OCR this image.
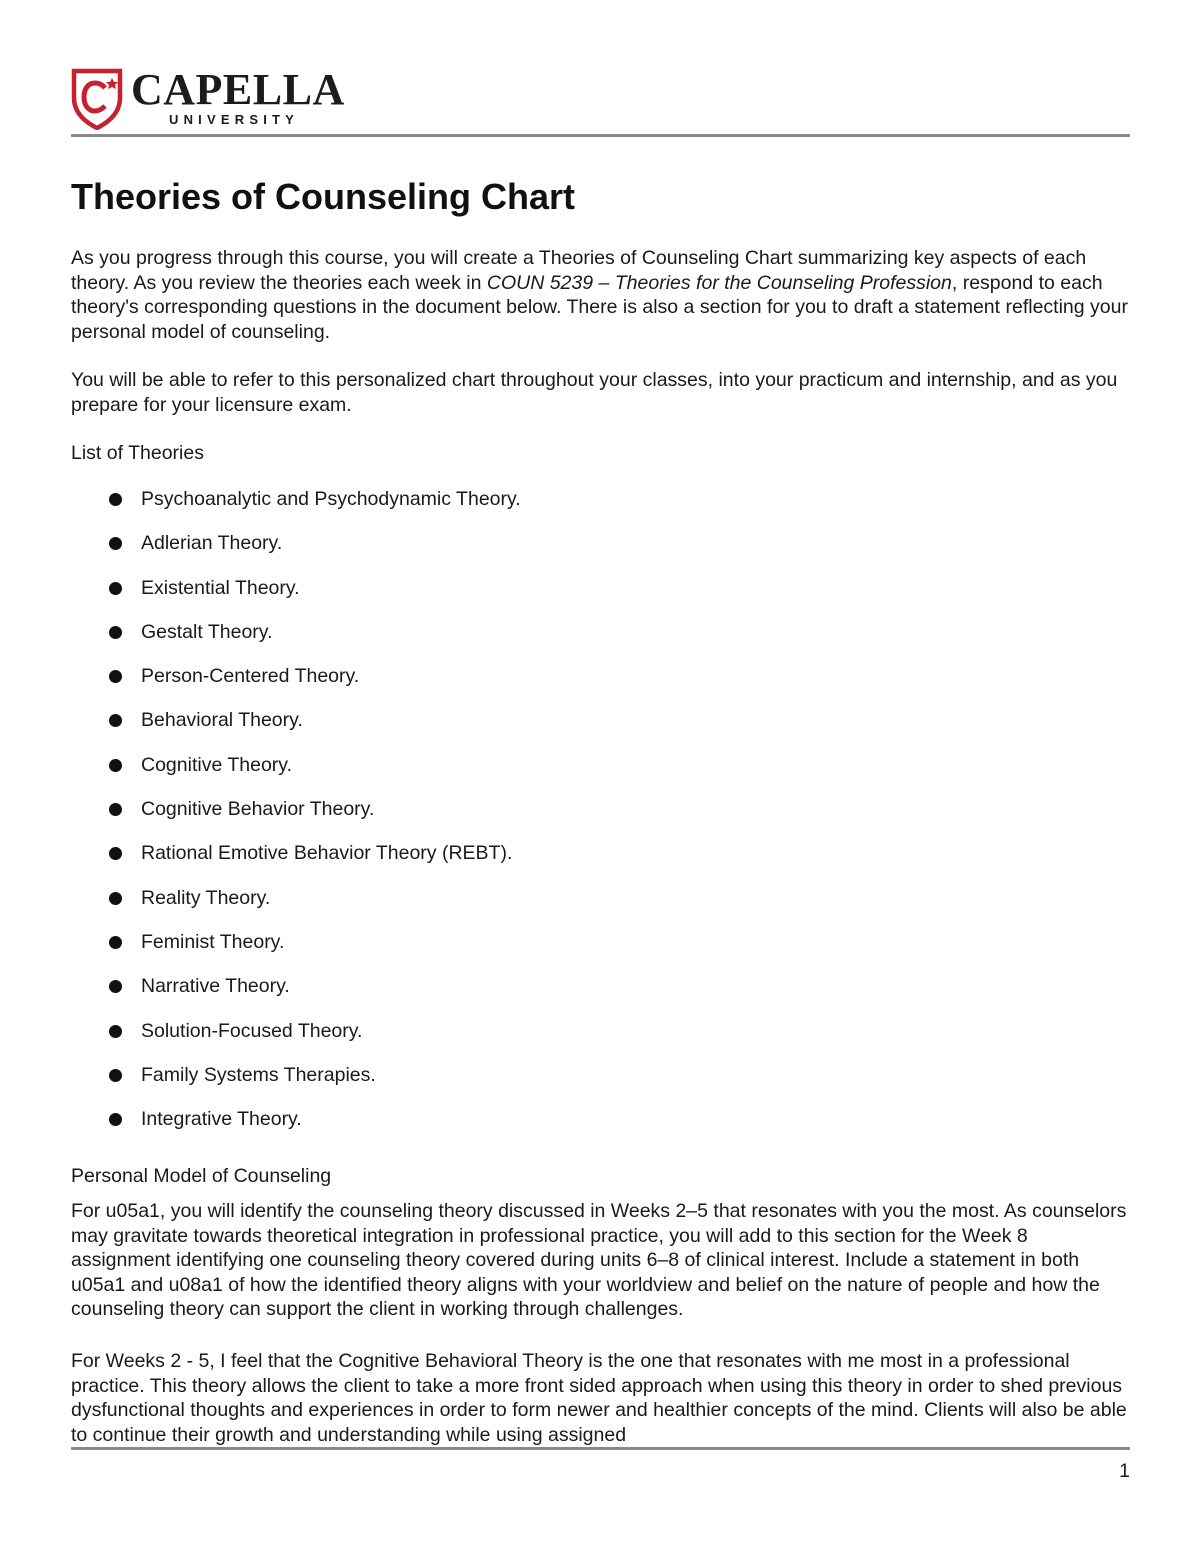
CAPELLA
UNIVERSITY
Theories of Counseling Chart

As you progress through this course, you will create a Theories of Counseling Chart summarizing key aspects of each theory. As you review the theories each week in COUN 5239 – Theories for the Counseling Profession, respond to each theory's corresponding questions in the document below. There is also a section for you to draft a statement reflecting your personal model of counseling.

You will be able to refer to this personalized chart throughout your classes, into your practicum and internship, and as you prepare for your licensure exam.

List of Theories

Psychoanalytic and Psychodynamic Theory.
Adlerian Theory.
Existential Theory.
Gestalt Theory.
Person-Centered Theory.
Behavioral Theory.
Cognitive Theory.
Cognitive Behavior Theory.
Rational Emotive Behavior Theory (REBT).
Reality Theory.
Feminist Theory.
Narrative Theory.
Solution-Focused Theory.
Family Systems Therapies.
Integrative Theory.

Personal Model of Counseling

For u05a1, you will identify the counseling theory discussed in Weeks 2–5 that resonates with you the most. As counselors may gravitate towards theoretical integration in professional practice, you will add to this section for the Week 8 assignment identifying one counseling theory covered during units 6–8 of clinical interest. Include a statement in both u05a1 and u08a1 of how the identified theory aligns with your worldview and belief on the nature of people and how the counseling theory can support the client in working through challenges.

For Weeks 2 - 5, I feel that the Cognitive Behavioral Theory is the one that resonates with me most in a professional practice. This theory allows the client to take a more front sided approach when using this theory in order to shed previous dysfunctional thoughts and experiences in order to form newer and healthier concepts of the mind. Clients will also be able to continue their growth and understanding while using assigned

1
